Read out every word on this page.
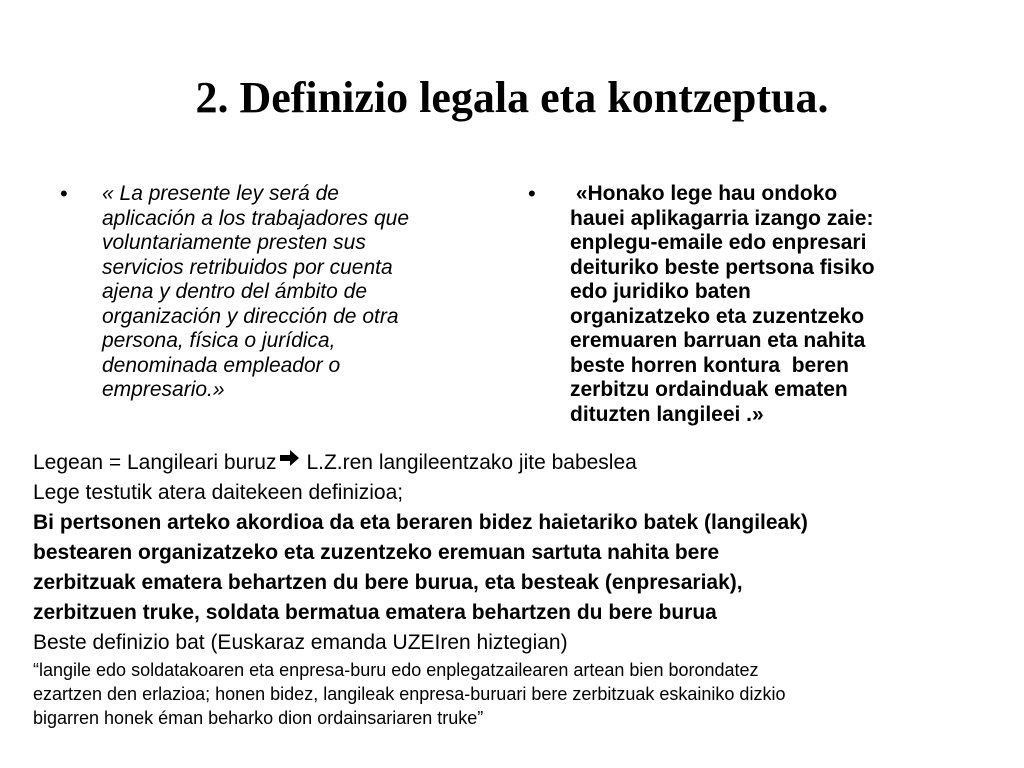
2. Definizio legala eta kontzeptua.
•	« La presente ley será de
aplicación a los trabajadores que
voluntariamente presten sus
servicios retribuidos por cuenta
ajena y dentro del ámbito de
organización y dirección de otra
persona, física o jurídica,
denominada empleador o
empresario.»

•	«Honako lege hau ondoko
hauei aplikagarria izango zaie:
enplegu-emaile edo enpresari
deituriko beste pertsona fisiko
edo juridiko baten
organizatzeko eta zuzentzeko
eremuaren barruan eta nahita
beste horren kontura  beren
zerbitzu ordainduak ematen
dituzten langileei .»

Legean = Langileari buruz L.Z.ren langileentzako jite babeslea

Lege testutik atera daitekeen definizioa;

Bi pertsonen arteko akordioa da eta beraren bidez haietariko batek (langileak)

bestearen organizatzeko eta zuzentzeko eremuan sartuta nahita bere

zerbitzuak ematera behartzen du bere burua, eta besteak (enpresariak),

zerbitzuen truke, soldata bermatua ematera behartzen du bere burua

Beste definizio bat (Euskaraz emanda UZEIren hiztegian)

“langile edo soldatakoaren eta enpresa-buru edo enplegatzailearen artean bien borondatez

ezartzen den erlazioa; honen bidez, langileak enpresa-buruari bere zerbitzuak eskainiko dizkio

bigarren honek éman beharko dion ordainsariaren truke”
